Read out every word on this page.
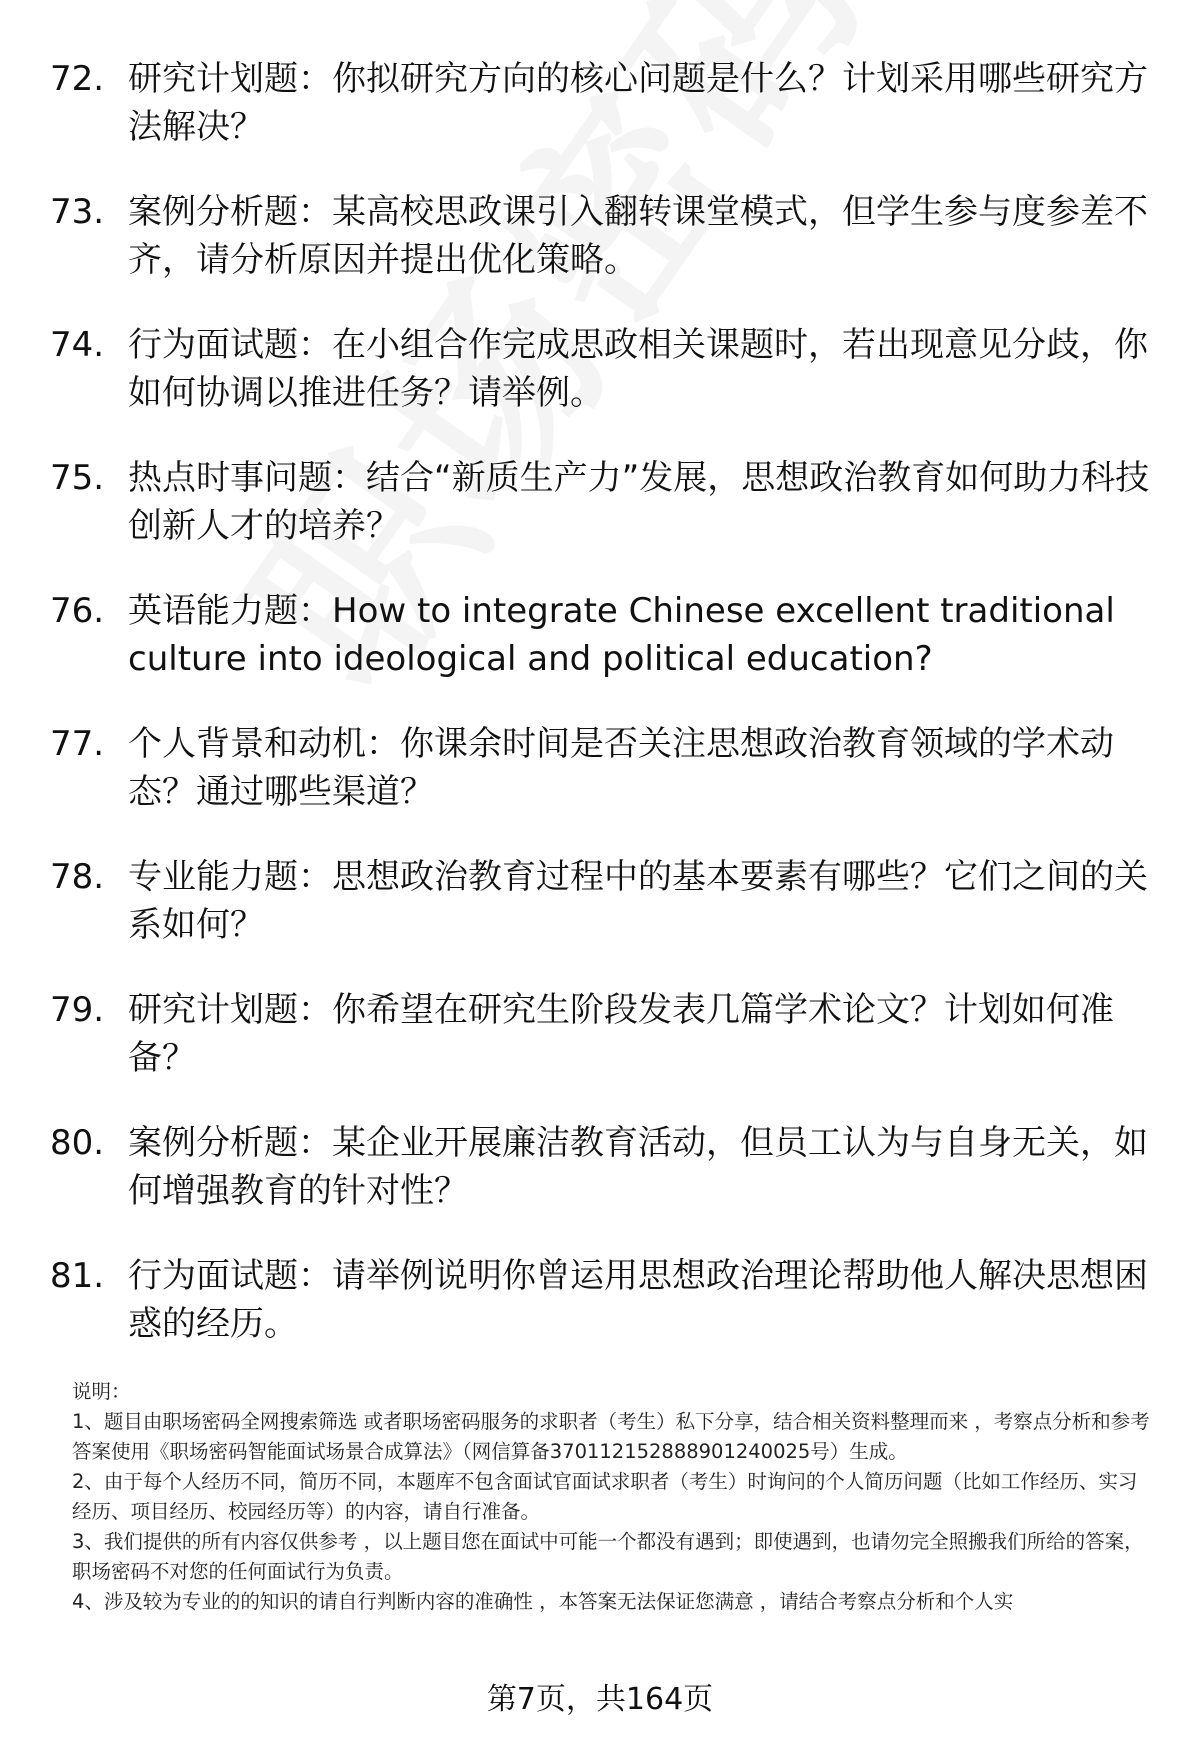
72. 研究计划题：你拟研究方向的核心问题是什么？计划采用哪些研究方法解决？
73. 案例分析题：某高校思政课引入翻转课堂模式，但学生参与度参差不齐，请分析原因并提出优化策略。
74. 行为面试题：在小组合作完成思政相关课题时，若出现意见分歧，你如何协调以推进任务？请举例。
75. 热点时事问题：结合“新质生产力”发展，思想政治教育如何助力科技创新人才的培养？
76. 英语能力题：How to integrate Chinese excellent traditional culture into ideological and political education?
77. 个人背景和动机：你课余时间是否关注思想政治教育领域的学术动态？通过哪些渠道？
78. 专业能力题：思想政治教育过程中的基本要素有哪些？它们之间的关系如何？
79. 研究计划题：你希望在研究生阶段发表几篇学术论文？计划如何准备？
80. 案例分析题：某企业开展廉洁教育活动，但员工认为与自身无关，如何增强教育的针对性？
81. 行为面试题：请举例说明你曾运用思想政治理论帮助他人解决思想困惑的经历。

说明：

1、题目由职场密码全网搜索筛选 或者职场密码服务的求职者（考生）私下分享，结合相关资料整理而来 ，考察点分析和参考答案使用《职场密码智能面试场景合成算法》（网信算备370112152888901240025号）生成。

2、由于每个人经历不同，简历不同，本题库不包含面试官面试求职者（考生）时询问的个人简历问题（比如工作经历、实习经历、项目经历、校园经历等）的内容，请自行准备。

3、我们提供的所有内容仅供参考 ，以上题目您在面试中可能一个都没有遇到；即使遇到，也请勿完全照搬我们所给的答案，职场密码不对您的任何面试行为负责。

4、涉及较为专业的的知识的请自行判断内容的准确性 ，本答案无法保证您满意 ，请结合考察点分析和个人实

第7页，共164页
